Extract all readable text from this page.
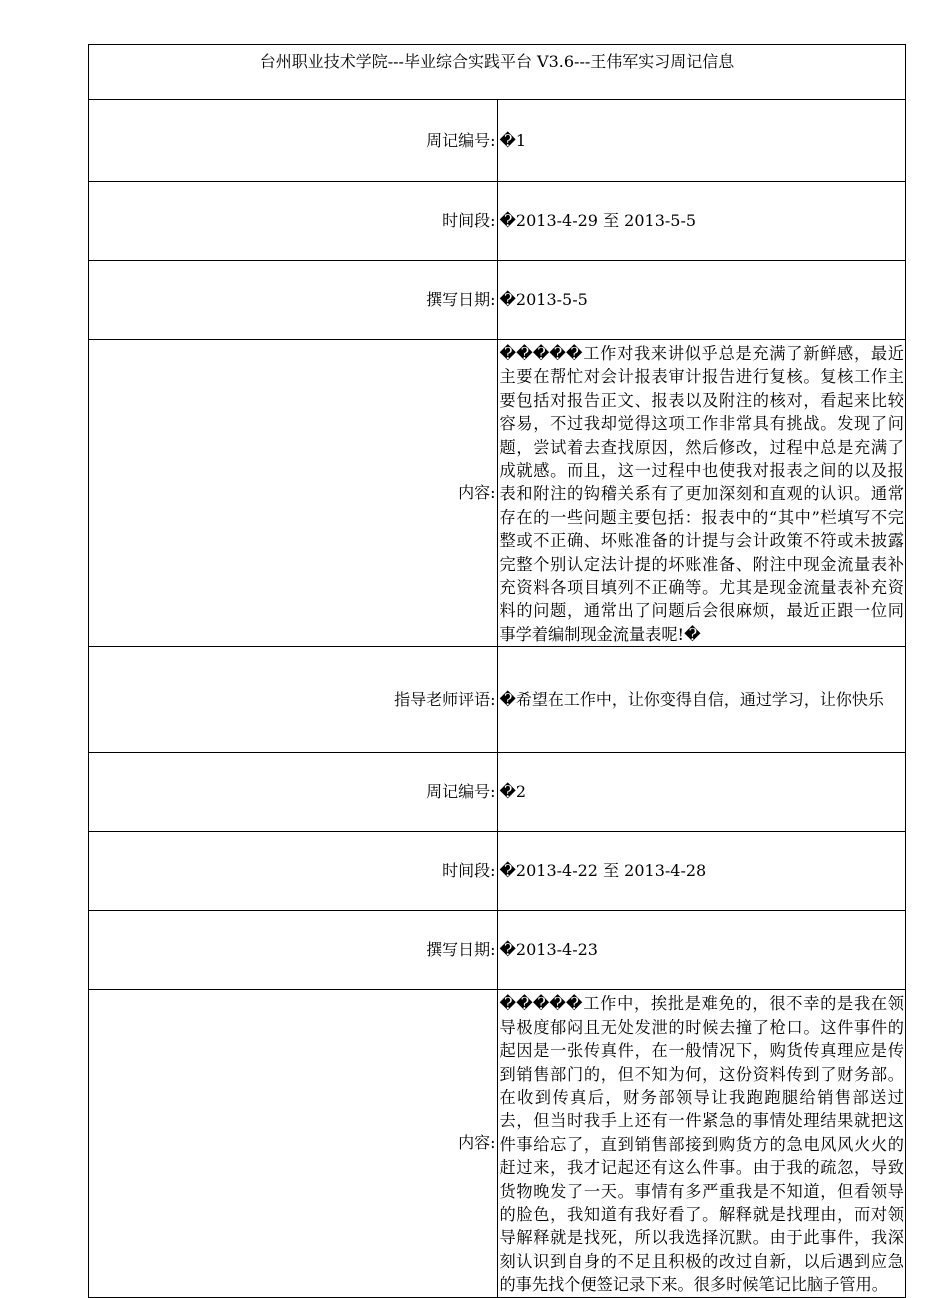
台州职业技术学院---毕业综合实践平台 V3.6---王伟军实习周记信息	
周记编号:	�1
时间段:	�2013-4-29 至 2013-5-5
撰写日期:	�2013-5-5
内容:	�����工作对我来讲似乎总是充满了新鲜感，最近主要在帮忙对会计报表审计报告进行复核。复核工作主要包括对报告正文、报表以及附注的核对，看起来比较容易，不过我却觉得这项工作非常具有挑战。发现了问题，尝试着去查找原因，然后修改，过程中总是充满了成就感。而且，这一过程中也使我对报表之间的以及报表和附注的钩稽关系有了更加深刻和直观的认识。通常存在的一些问题主要包括：报表中的“其中”栏填写不完整或不正确、坏账准备的计提与会计政策不符或未披露完整个别认定法计提的坏账准备、附注中现金流量表补充资料各项目填列不正确等。尤其是现金流量表补充资料的问题，通常出了问题后会很麻烦，最近正跟一位同事学着编制现金流量表呢!�
指导老师评语:	�希望在工作中，让你变得自信，通过学习，让你快乐
周记编号:	�2
时间段:	�2013-4-22 至 2013-4-28
撰写日期:	�2013-4-23
内容:	�����工作中，挨批是难免的，很不幸的是我在领导极度郁闷且无处发泄的时候去撞了枪口。这件事件的起因是一张传真件，在一般情况下，购货传真理应是传到销售部门的，但不知为何，这份资料传到了财务部。在收到传真后，财务部领导让我跑跑腿给销售部送过去，但当时我手上还有一件紧急的事情处理结果就把这件事给忘了，直到销售部接到购货方的急电风风火火的赶过来，我才记起还有这么件事。由于我的疏忽，导致货物晚发了一天。事情有多严重我是不知道，但看领导的脸色，我知道有我好看了。解释就是找理由，而对领导解释就是找死，所以我选择沉默。由于此事件，我深刻认识到自身的不足且积极的改过自新，以后遇到应急的事先找个便签记录下来。很多时候笔记比脑子管用。
